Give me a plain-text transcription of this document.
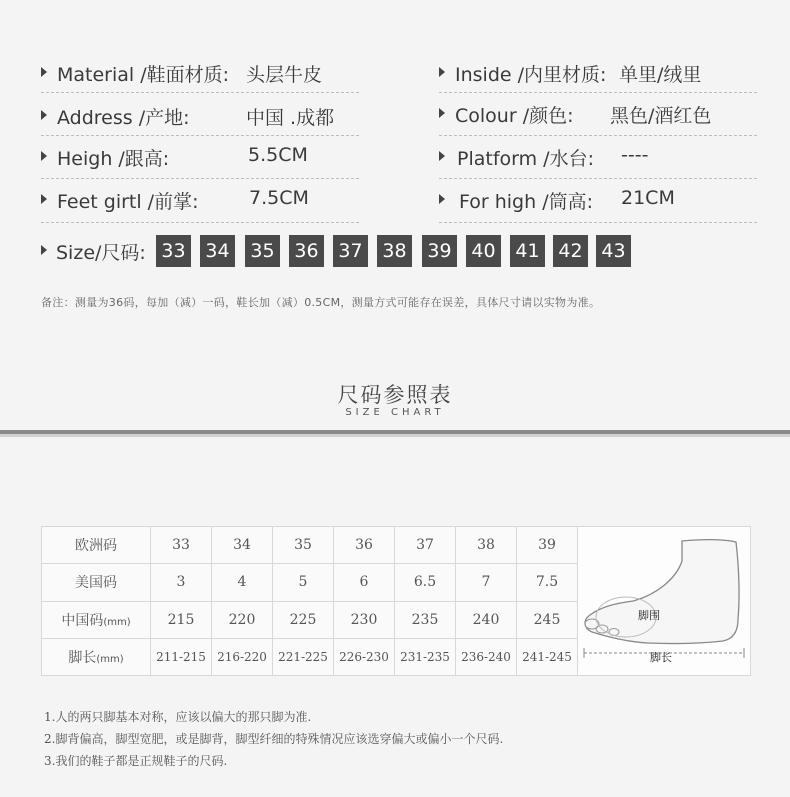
Material /鞋面材质: 头层牛皮
Address /产地:	中国 .成都
Heigh /跟高:	5.5CM
Feet girtl /前掌:	7.5CM
Inside /内里材质: 单里/绒里
Colour /颜色: 黑色/酒红色
Platform /水台: ----
For high /筒高: 21CM
Size/尺码: 33 34 35 36 37 38 39 40 41 42 43
备注：测量为36码，每加（减）一码，鞋长加（减）0.5CM，测量方式可能存在误差，具体尺寸请以实物为准。
尺码参照表
SIZE CHART
欧洲码	33	34	35	36	37	38	39	脚围
脚长

美国码	3	4	5	6	6.5	7	7.5	
中国码(mm)	215	220	225	230	235	240	245	
脚长(mm)	211-215	216-220	221-225	226-230	231-235	236-240	241-245	
1.人的两只脚基本对称，应该以偏大的那只脚为准.
2.脚背偏高，脚型宽肥，或是脚背，脚型纤细的特殊情况应该选穿偏大或偏小一个尺码.
3.我们的鞋子都是正规鞋子的尺码.
